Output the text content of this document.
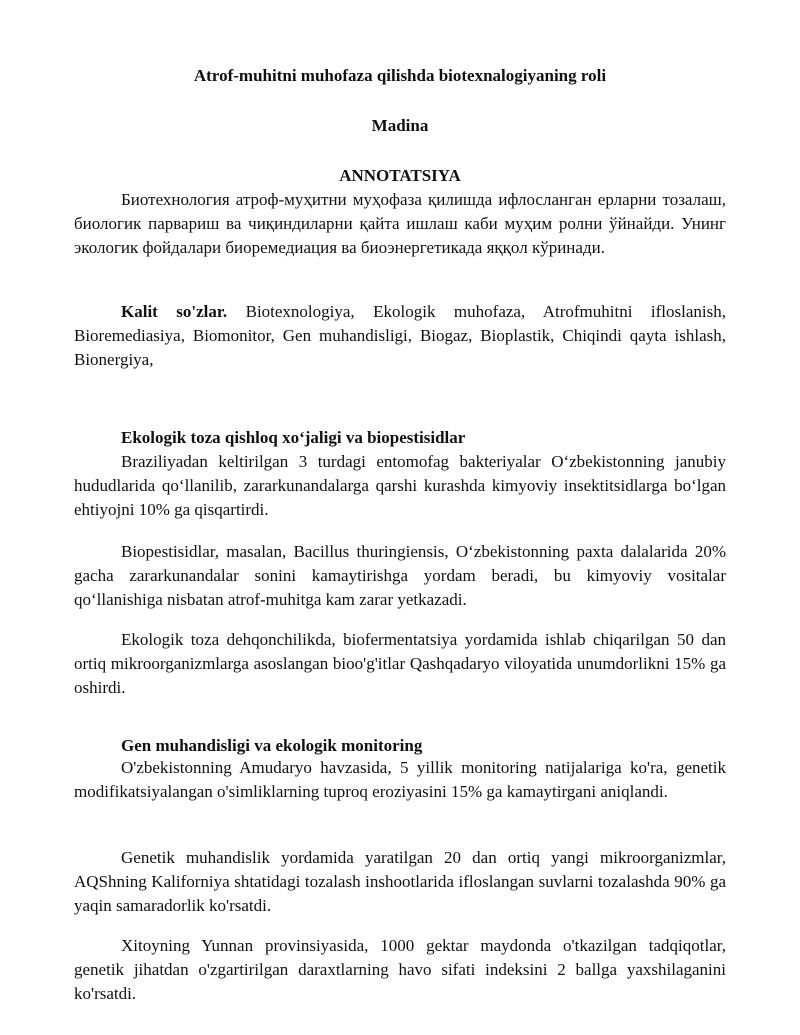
Atrof-muhitni muhofaza qilishda biotexnalogiyaning roli

Madina

ANNOTATSIYA

Биотехнология атроф-муҳитни муҳофаза қилишда ифлосланган ерларни тозалаш, биологик парвариш ва чиқиндиларни қайта ишлаш каби муҳим ролни ўйнайди. Унинг экологик фойдалари биоремедиация ва биоэнергетикада яққол кўринади.

Kalit so'zlar. Biotexnologiya, Ekologik muhofaza, Atrofmuhitni ifloslanish, Bioremediasiya, Biomonitor, Gen muhandisligi, Biogaz, Bioplastik, Chiqindi qayta ishlash, Bionergiya,

Ekologik toza qishloq xo‘jaligi va biopestisidlar

Braziliyadan keltirilgan 3 turdagi entomofag bakteriyalar O‘zbekistonning janubiy hududlarida qo‘llanilib, zararkunandalarga qarshi kurashda kimyoviy insektitsidlarga bo‘lgan ehtiyojni 10% ga qisqartirdi.

Biopestisidlar, masalan, Bacillus thuringiensis, O‘zbekistonning paxta dalalarida 20% gacha zararkunandalar sonini kamaytirishga yordam beradi, bu kimyoviy vositalar qo‘llanishiga nisbatan atrof-muhitga kam zarar yetkazadi.

Ekologik toza dehqonchilikda, biofermentatsiya yordamida ishlab chiqarilgan 50 dan ortiq mikroorganizmlarga asoslangan bioo'g'itlar Qashqadaryo viloyatida unumdorlikni 15% ga oshirdi.

Gen muhandisligi va ekologik monitoring

O'zbekistonning Amudaryo havzasida, 5 yillik monitoring natijalariga ko'ra, genetik modifikatsiyalangan o'simliklarning tuproq eroziyasini 15% ga kamaytirgani aniqlandi.

Genetik muhandislik yordamida yaratilgan 20 dan ortiq yangi mikroorganizmlar, AQShning Kaliforniya shtatidagi tozalash inshootlarida ifloslangan suvlarni tozalashda 90% ga yaqin samaradorlik ko'rsatdi.

Xitoyning Yunnan provinsiyasida, 1000 gektar maydonda o'tkazilgan tadqiqotlar, genetik jihatdan o'zgartirilgan daraxtlarning havo sifati indeksini 2 ballga yaxshilaganini ko'rsatdi.
